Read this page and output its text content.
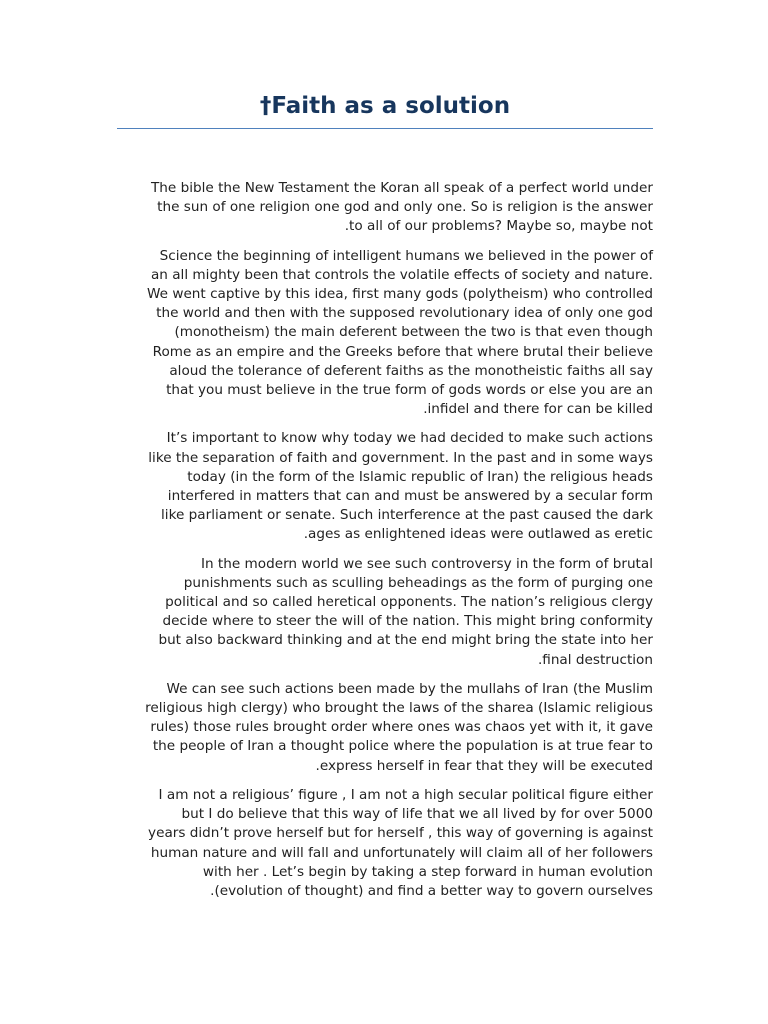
†Faith as a solution

The bible the New Testament the Koran all speak of a perfect world under
the sun of one religion one god and only one. So is religion is the answer
.to all of our problems? Maybe so, maybe not

Science the beginning of intelligent humans we believed in the power of
an all mighty been that controls the volatile effects of society and nature.
We went captive by this idea, first many gods (polytheism) who controlled
the world and then with the supposed revolutionary idea of only one god
(monotheism) the main deferent between the two is that even though
Rome as an empire and the Greeks before that where brutal their believe
aloud the tolerance of deferent faiths as the monotheistic faiths all say
that you must believe in the true form of gods words or else you are an
.infidel and there for can be killed

It’s important to know why today we had decided to make such actions
like the separation of faith and government. In the past and in some ways
today (in the form of the Islamic republic of Iran) the religious heads
interfered in matters that can and must be answered by a secular form
like parliament or senate. Such interference at the past caused the dark
.ages as enlightened ideas were outlawed as eretic

In the modern world we see such controversy in the form of brutal
punishments such as sculling beheadings as the form of purging one
political and so called heretical opponents. The nation’s religious clergy
decide where to steer the will of the nation. This might bring conformity
but also backward thinking and at the end might bring the state into her
.final destruction

We can see such actions been made by the mullahs of Iran (the Muslim
religious high clergy) who brought the laws of the sharea (Islamic religious
rules) those rules brought order where ones was chaos yet with it, it gave
the people of Iran a thought police where the population is at true fear to
.express herself in fear that they will be executed

I am not a religious’ figure , I am not a high secular political figure either
but I do believe that this way of life that we all lived by for over 5000
years didn’t prove herself but for herself , this way of governing is against
human nature and will fall and unfortunately will claim all of her followers
with her . Let’s begin by taking a step forward in human evolution
.(evolution of thought) and find a better way to govern ourselves
